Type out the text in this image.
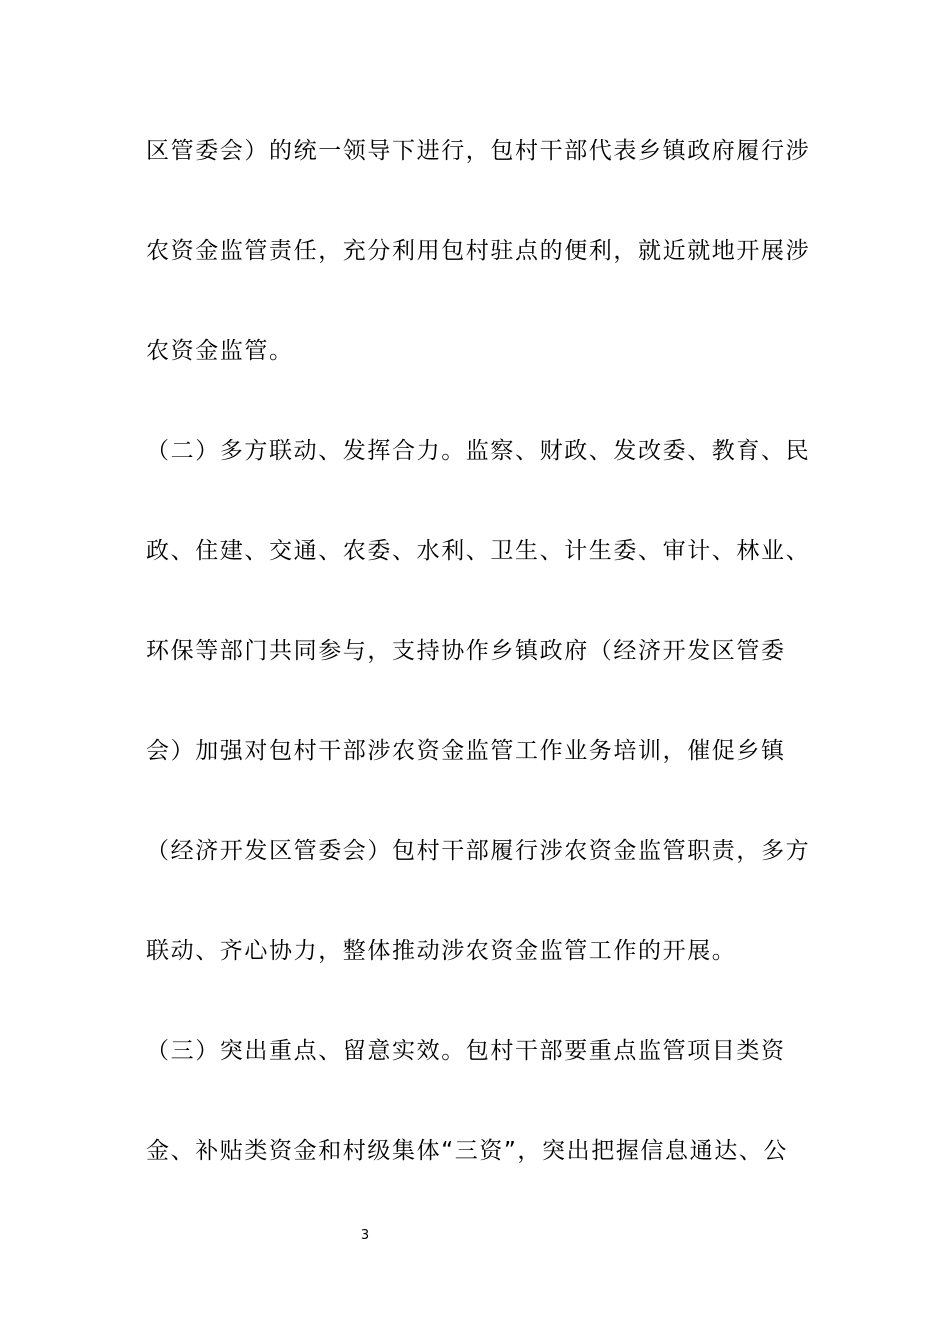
区管委会）的统一领导下进行，包村干部代表乡镇政府履行涉
农资金监管责任，充分利用包村驻点的便利，就近就地开展涉
农资金监管。
（二）多方联动、发挥合力。监察、财政、发改委、教育、民
政、住建、交通、农委、水利、卫生、计生委、审计、林业、
环保等部门共同参与，支持协作乡镇政府（经济开发区管委
会）加强对包村干部涉农资金监管工作业务培训，催促乡镇
（经济开发区管委会）包村干部履行涉农资金监管职责，多方
联动、齐心协力，整体推动涉农资金监管工作的开展。
（三）突出重点、留意实效。包村干部要重点监管项目类资
金、补贴类资金和村级集体“三资”，突出把握信息通达、公
3
